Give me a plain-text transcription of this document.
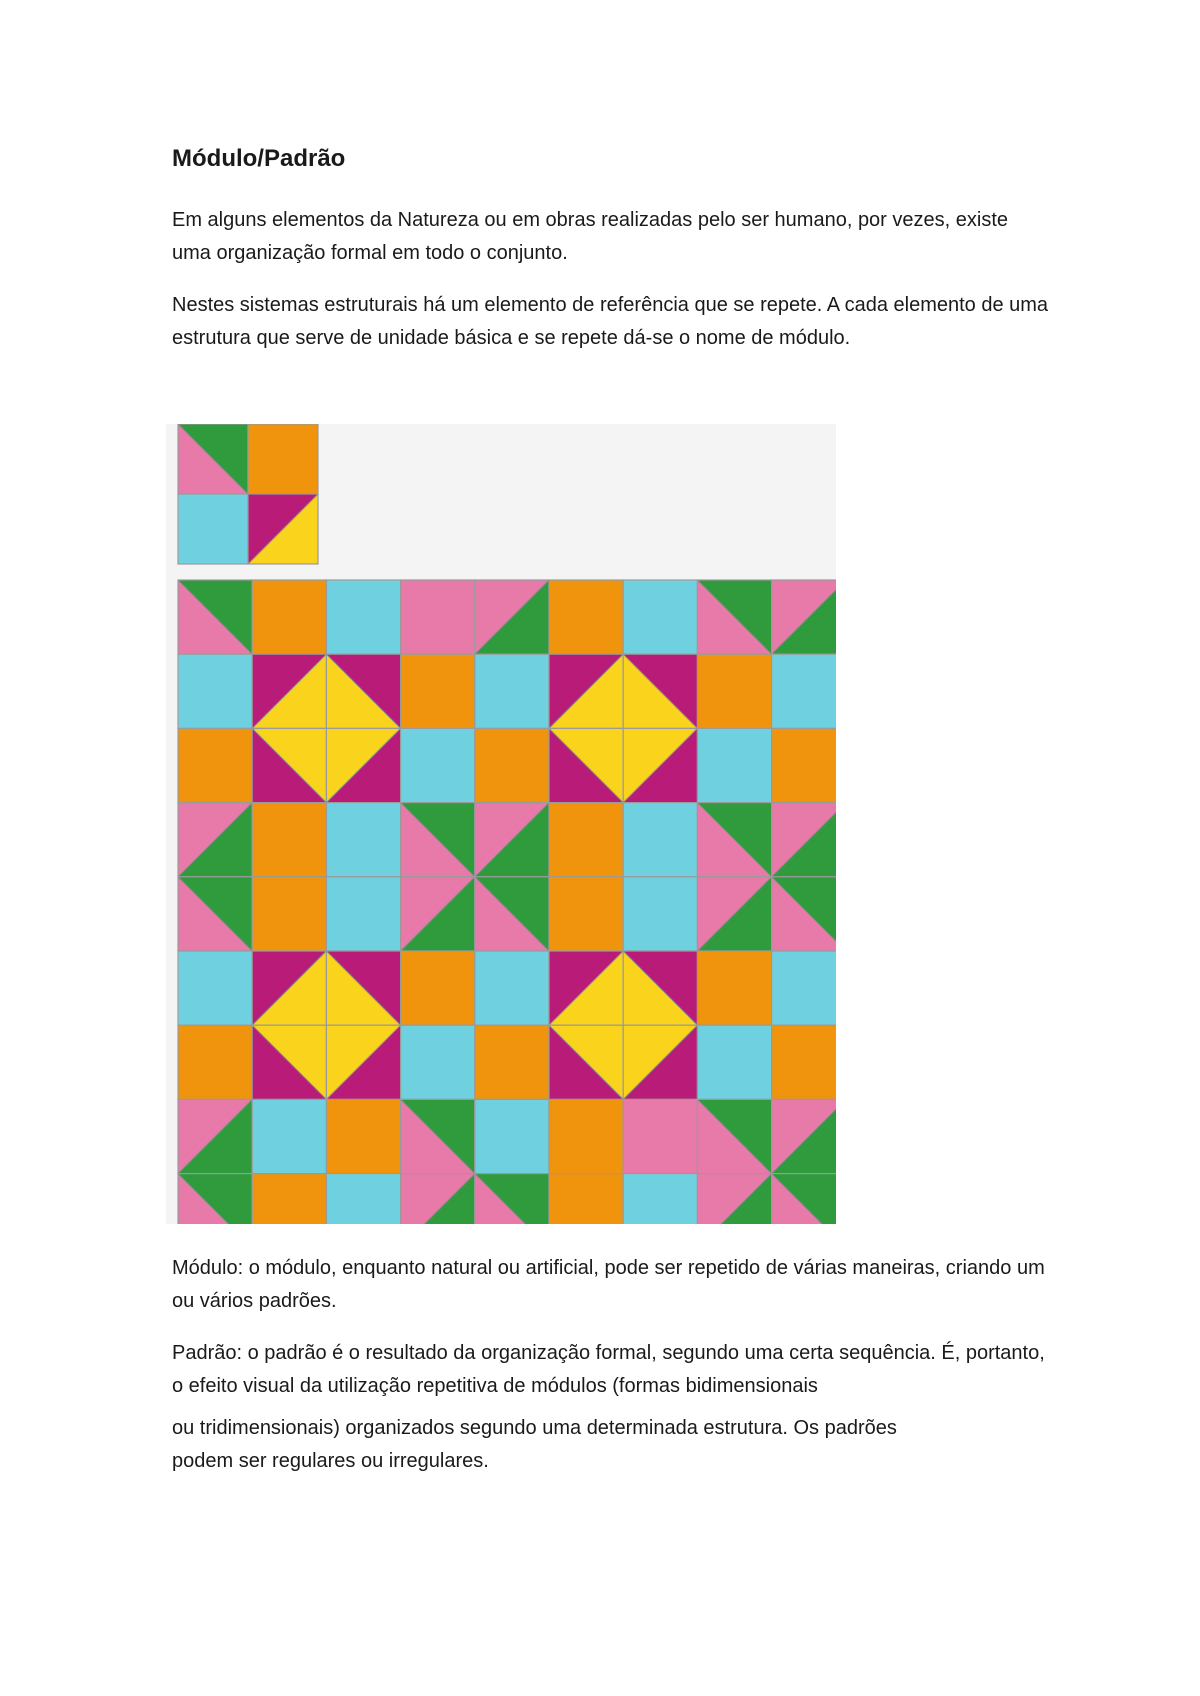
Módulo/Padrão

Em alguns elementos da Natureza ou em obras realizadas pelo ser humano, por vezes, existe uma organização formal em todo o conjunto.

Nestes sistemas estruturais há um elemento de referência que se repete. A cada elemento de uma estrutura que serve de unidade básica e se repete dá-se o nome de módulo.

Módulo: o módulo, enquanto natural ou artificial, pode ser repetido de várias maneiras, criando um ou vários padrões.

Padrão: o padrão é o resultado da organização formal, segundo uma certa sequência. É, portanto, o efeito visual da utilização repetitiva de módulos (formas bidimensionais
ou tridimensionais) organizados segundo uma determinada estrutura. Os padrões
podem ser regulares ou irregulares.
